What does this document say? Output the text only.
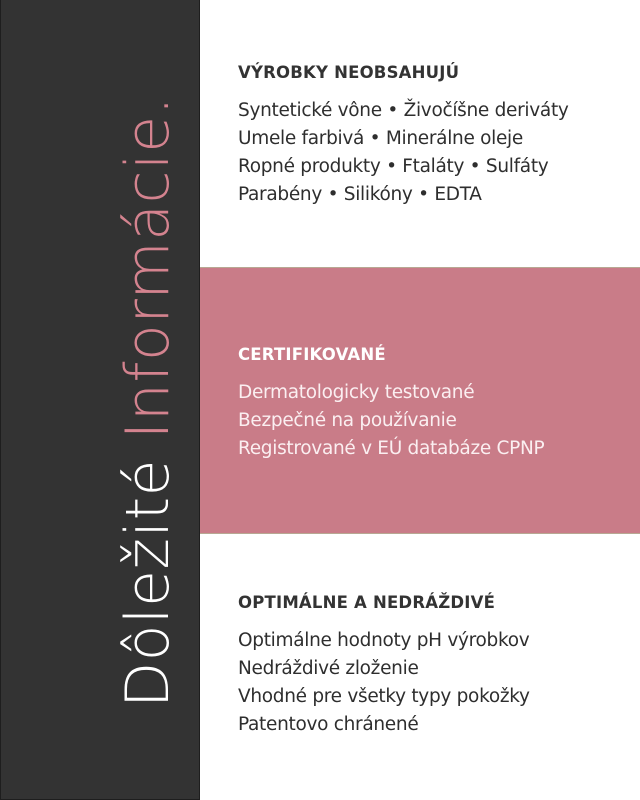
Dôležité Informácie.
VÝROBKY NEOBSAHUJÚ
Syntetické vône • Živočíšne deriváty
Umele farbivá • Minerálne oleje
Ropné produkty • Ftaláty • Sulfáty
Parabény • Silikóny • EDTA
CERTIFIKOVANÉ
Dermatologicky testované
Bezpečné na používanie
Registrované v EÚ databáze CPNP
OPTIMÁLNE A NEDRÁŽDIVÉ
Optimálne hodnoty pH výrobkov
Nedráždivé zloženie
Vhodné pre všetky typy pokožky
Patentovo chránené
